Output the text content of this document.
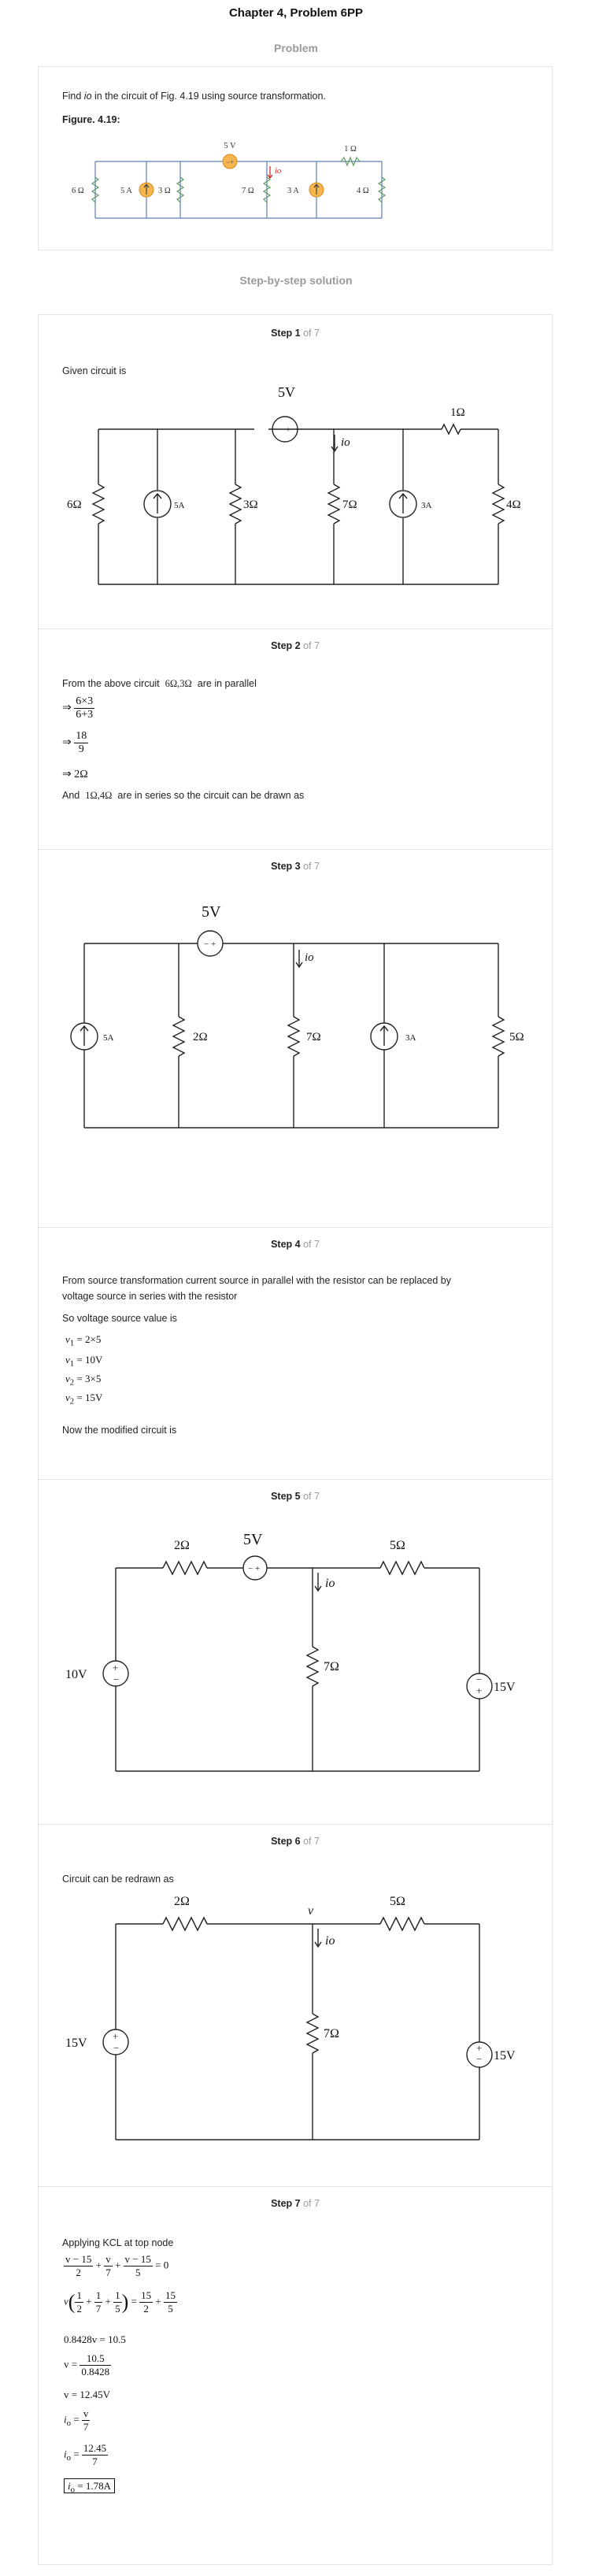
Chapter 4, Problem 6PP
Problem
Find io in the circuit of Fig. 4.19 using source transformation.
Figure. 4.19:
−+
5 V	1 Ω
io
6 Ω	5 A	3 Ω	7 Ω	3 A	4 Ω
Step-by-step solution
Step 1 of 7
Given circuit is
− +
5V
1Ω
io
6Ω	5A	3Ω	7Ω	3A	4Ω
Step 2 of 7
From the above circuit 6Ω,3Ω are in parallel
⇒ $\frac{6\times 3}{6+3}$
⇒ $\frac{18}{9}$
⇒ 2Ω
And 1Ω,4Ω are in series so the circuit can be drawn as
Step 3 of 7
− +
5V
io
5A	2Ω	7Ω	3A	5Ω
Step 4 of 7
From source transformation current source in parallel with the resistor can be replaced by
voltage source in series with the resistor
So voltage source value is
$v_1 = 2\times 5$
$v_1 = 10V$
$v_2 = 3\times 5$
$v_2 = 15V$
Now the modified circuit is
Step 5 of 7
+
−	−
+
− +
10V
2Ω	5V
io
7Ω
5Ω
15V
Step 6 of 7
Circuit can be redrawn as
+
−	+
−
15V
2Ω
v
io
7Ω
5Ω
15V
Step 7 of 7
Applying KCL at top node
$\frac{v - 15}{2} + \frac{v}{7} + \frac{v - 15}{5} = 0$
$v( \frac{1}{2} + \frac{1}{7} + \frac{1}{5}$ ) = $\frac{15}{2} + \frac{15}{5}$
0.8428v = 10.5
$v = \frac{10.5}{0.8428}$
v = 12.45V
$i_o = \frac{v}{7}$
$i_o = \frac{12.45}{7}$
$i_o = 1.78A$
